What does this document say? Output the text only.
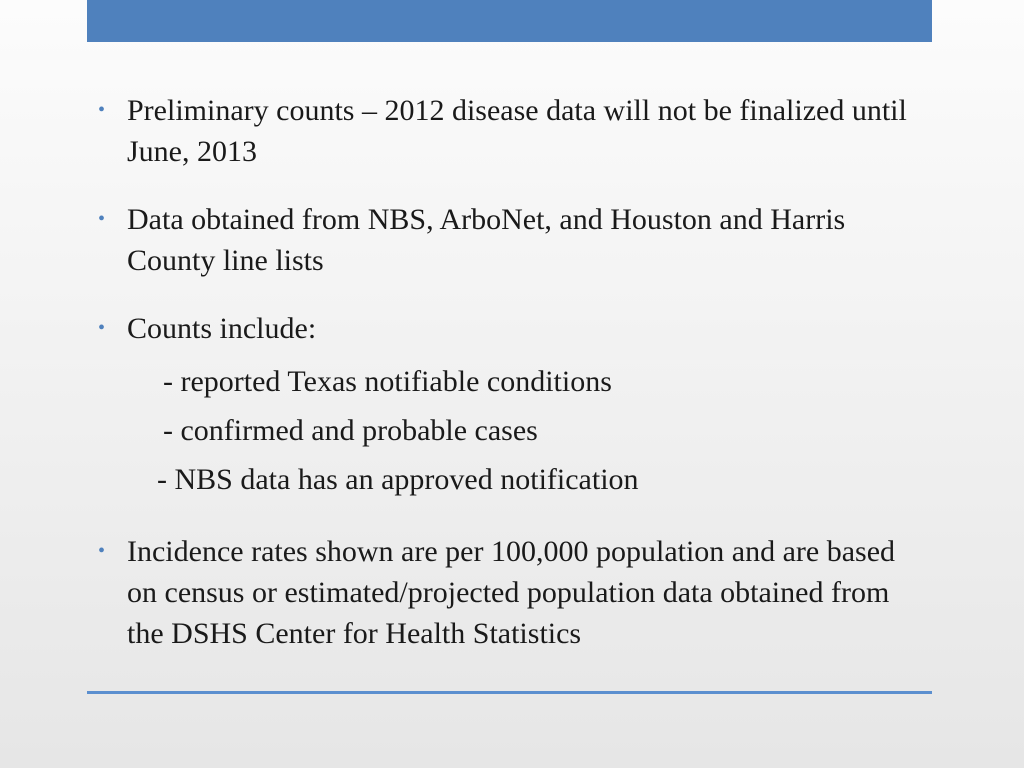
• Preliminary counts – 2012 disease data will not be finalized until June, 2013
• Data obtained from NBS, ArboNet, and Houston and Harris County line lists
• Counts include:
- reported Texas notifiable conditions
- confirmed and probable cases
- NBS data has an approved notification
• Incidence rates shown are per 100,000 population and are based on census or estimated/projected population data obtained from the DSHS Center for Health Statistics
